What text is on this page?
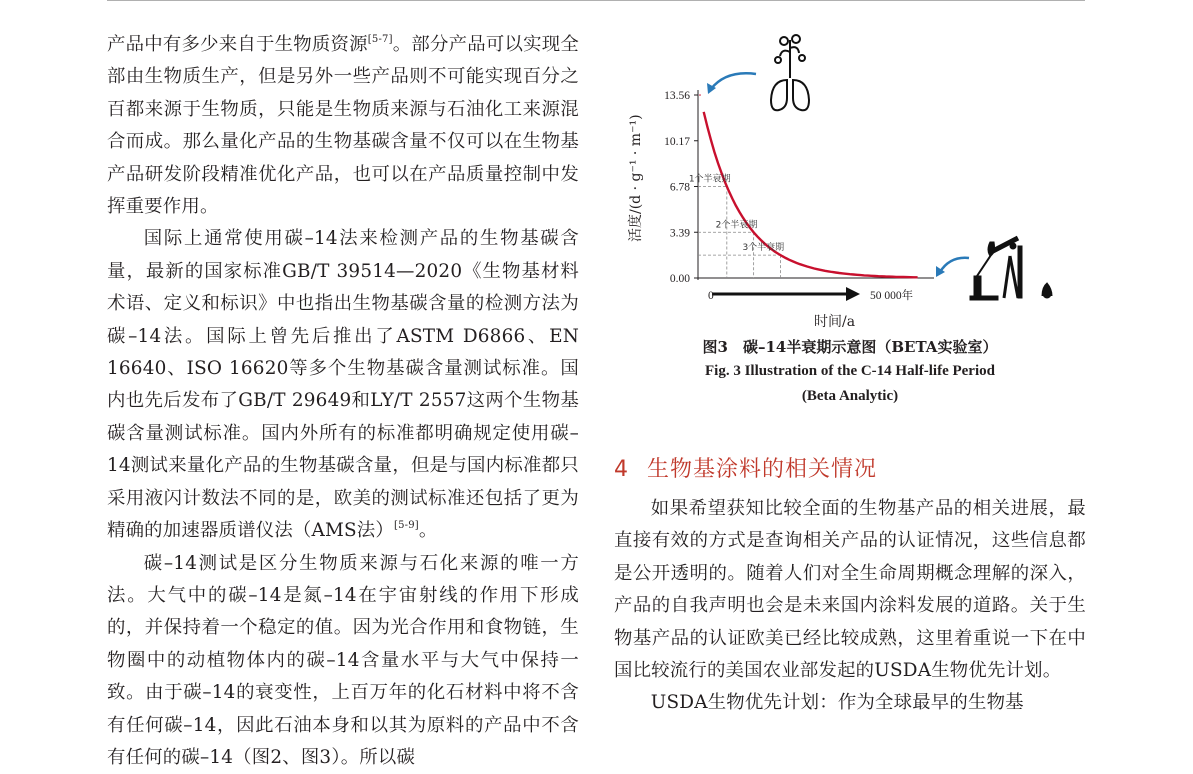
产品中有多少来自于生物质资源[5-7]。部分产品可以实现全部由生物质生产，但是另外一些产品则不可能实现百分之百都来源于生物质，只能是生物质来源与石油化工来源混合而成。那么量化产品的生物基碳含量不仅可以在生物基产品研发阶段精准优化产品，也可以在产品质量控制中发挥重要作用。

国际上通常使用碳–14法来检测产品的生物基碳含量，最新的国家标准GB/T 39514—2020《生物基材料术语、定义和标识》中也指出生物基碳含量的检测方法为碳–14法。国际上曾先后推出了ASTM D6866、EN 16640、ISO 16620等多个生物基碳含量测试标准。国内也先后发布了GB/T 29649和LY/T 2557这两个生物基碳含量测试标准。国内外所有的标准都明确规定使用碳–14测试来量化产品的生物基碳含量，但是与国内标准都只采用液闪计数法不同的是，欧美的测试标准还包括了更为精确的加速器质谱仪法（AMS法）[5-9]。

碳–14测试是区分生物质来源与石化来源的唯一方法。大气中的碳–14是氮–14在宇宙射线的作用下形成的，并保持着一个稳定的值。因为光合作用和食物链，生物圈中的动植物体内的碳–14含量水平与大气中保持一致。由于碳–14的衰变性，上百万年的化石材料中将不含有任何碳–14，因此石油本身和以其为原料的产品中不含有任何的碳–14（图2、图3）。所以碳

13.56
10.17
6.78
3.39
0.00
0	50 000年
1个半衰期
2个半衰期
3个半衰期
活度/(d · g⁻¹ · m⁻¹)
时间/a
图3　碳–14半衰期示意图（BETA实验室）
Fig. 3 Illustration of the C-14 Half-life Period
(Beta Analytic)
4 生物基涂料的相关情况

如果希望获知比较全面的生物基产品的相关进展，最直接有效的方式是查询相关产品的认证情况，这些信息都是公开透明的。随着人们对全生命周期概念理解的深入，产品的自我声明也会是未来国内涂料发展的道路。关于生物基产品的认证欧美已经比较成熟，这里着重说一下在中国比较流行的美国农业部发起的USDA生物优先计划。

USDA生物优先计划：作为全球最早的生物基
